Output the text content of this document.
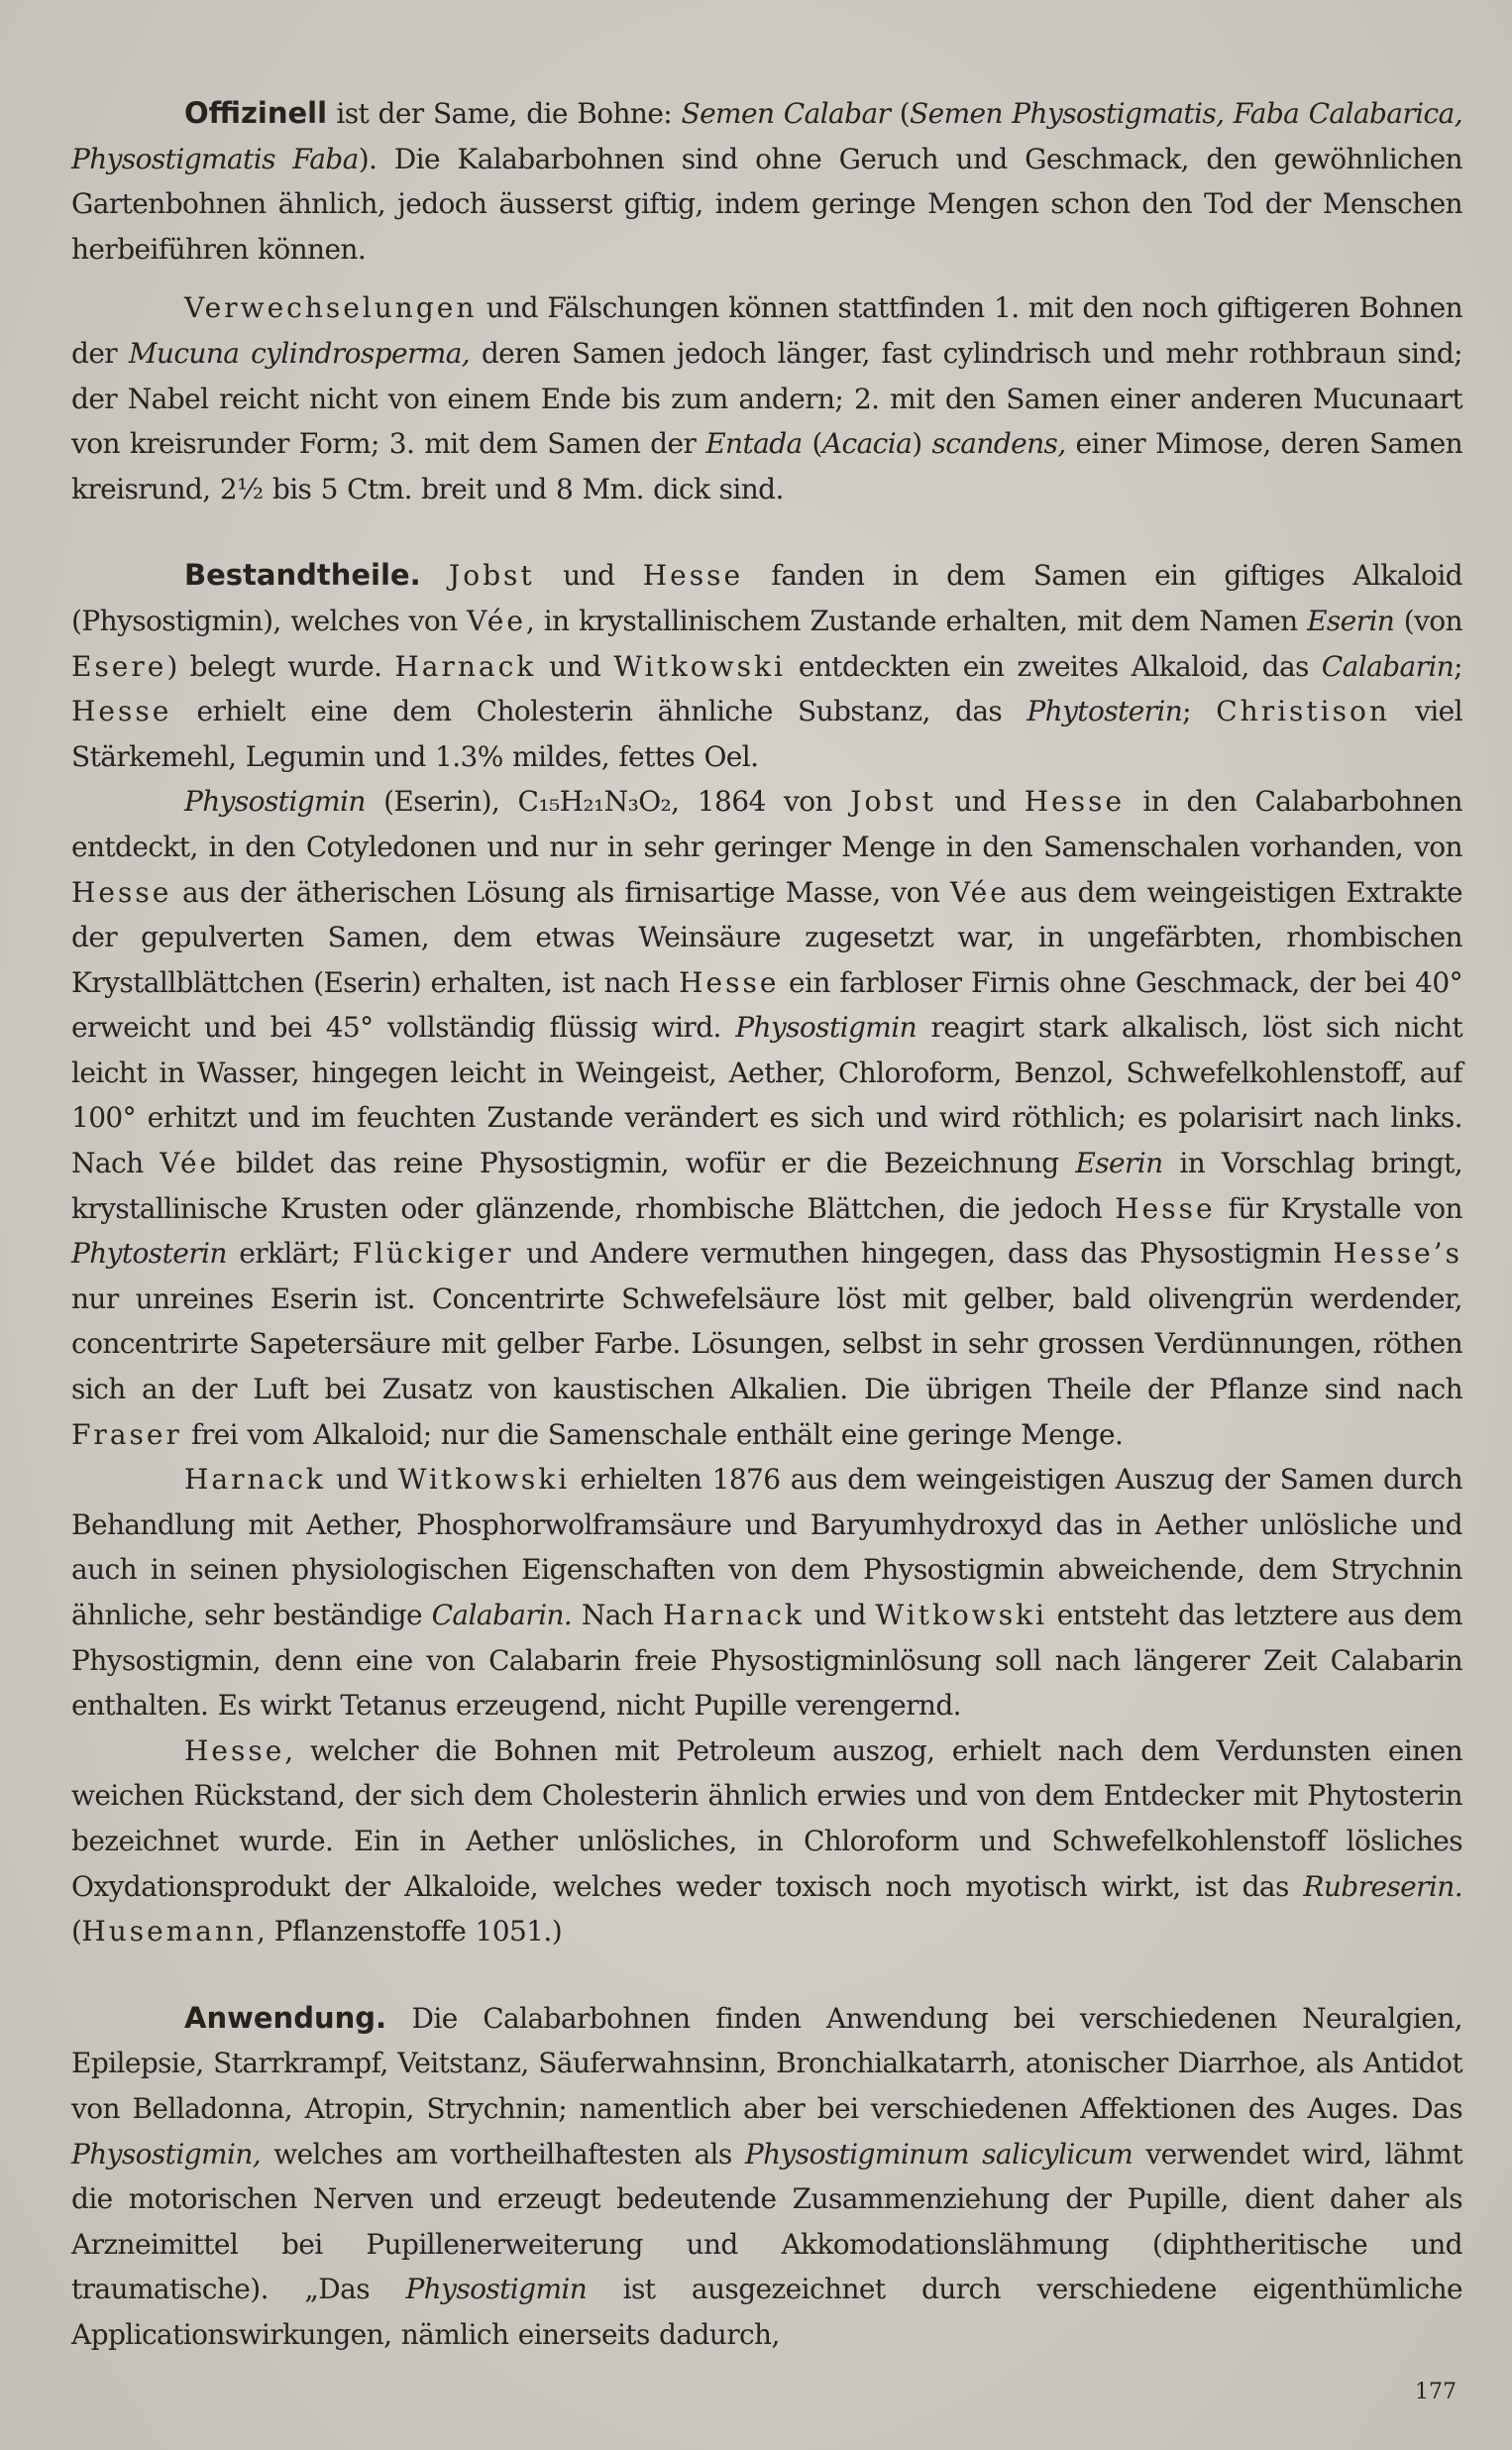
Offizinell ist der Same, die Bohne: Semen Calabar (Semen Physostigmatis, Faba Calabarica, Physostigmatis Faba). Die Kalabarbohnen sind ohne Geruch und Geschmack, den gewöhnlichen Gartenbohnen ähnlich, jedoch äusserst giftig, indem geringe Mengen schon den Tod der Menschen herbeiführen können.

Verwechselungen und Fälschungen können stattfinden 1. mit den noch giftigeren Bohnen der Mucuna cylindrosperma, deren Samen jedoch länger, fast cylindrisch und mehr rothbraun sind; der Nabel reicht nicht von einem Ende bis zum andern; 2. mit den Samen einer anderen Mucunaart von kreisrunder Form; 3. mit dem Samen der Entada (Acacia) scandens, einer Mimose, deren Samen kreisrund, 2½ bis 5 Ctm. breit und 8 Mm. dick sind.

Bestandtheile. Jobst und Hesse fanden in dem Samen ein giftiges Alkaloid (Physostigmin), welches von Vée, in krystallinischem Zustande erhalten, mit dem Namen Eserin (von Esere) belegt wurde. Harnack und Witkowski entdeckten ein zweites Alkaloid, das Calabarin; Hesse erhielt eine dem Cholesterin ähnliche Substanz, das Phytosterin; Christison viel Stärkemehl, Legumin und 1.3% mildes, fettes Oel.

Physostigmin (Eserin), C₁₅H₂₁N₃O₂, 1864 von Jobst und Hesse in den Calabarbohnen entdeckt, in den Cotyledonen und nur in sehr geringer Menge in den Samenschalen vorhanden, von Hesse aus der ätherischen Lösung als firnisartige Masse, von Vée aus dem weingeistigen Extrakte der gepulverten Samen, dem etwas Weinsäure zugesetzt war, in ungefärbten, rhombischen Krystallblättchen (Eserin) erhalten, ist nach Hesse ein farbloser Firnis ohne Geschmack, der bei 40° erweicht und bei 45° vollständig flüssig wird. Physostigmin reagirt stark alkalisch, löst sich nicht leicht in Wasser, hingegen leicht in Weingeist, Aether, Chloroform, Benzol, Schwefelkohlenstoff, auf 100° erhitzt und im feuchten Zustande verändert es sich und wird röthlich; es polarisirt nach links. Nach Vée bildet das reine Physostigmin, wofür er die Bezeichnung Eserin in Vorschlag bringt, krystallinische Krusten oder glänzende, rhombische Blättchen, die jedoch Hesse für Krystalle von Phytosterin erklärt; Flückiger und Andere vermuthen hingegen, dass das Physostigmin Hesse’s nur unreines Eserin ist. Concentrirte Schwefelsäure löst mit gelber, bald olivengrün werdender, concentrirte Sapetersäure mit gelber Farbe. Lösungen, selbst in sehr grossen Verdünnungen, röthen sich an der Luft bei Zusatz von kaustischen Alkalien. Die übrigen Theile der Pflanze sind nach Fraser frei vom Alkaloid; nur die Samenschale enthält eine geringe Menge.

Harnack und Witkowski erhielten 1876 aus dem weingeistigen Auszug der Samen durch Behandlung mit Aether, Phosphorwolframsäure und Baryumhydroxyd das in Aether unlösliche und auch in seinen physiologischen Eigenschaften von dem Physostigmin abweichende, dem Strychnin ähnliche, sehr beständige Calabarin. Nach Harnack und Witkowski entsteht das letztere aus dem Physostigmin, denn eine von Calabarin freie Physostigminlösung soll nach längerer Zeit Calabarin enthalten. Es wirkt Tetanus erzeugend, nicht Pupille verengernd.

Hesse, welcher die Bohnen mit Petroleum auszog, erhielt nach dem Verdunsten einen weichen Rückstand, der sich dem Cholesterin ähnlich erwies und von dem Entdecker mit Phytosterin bezeichnet wurde. Ein in Aether unlösliches, in Chloroform und Schwefelkohlenstoff lösliches Oxydationsprodukt der Alkaloide, welches weder toxisch noch myotisch wirkt, ist das Rubreserin. (Husemann, Pflanzenstoffe 1051.)

Anwendung. Die Calabarbohnen finden Anwendung bei verschiedenen Neuralgien, Epilepsie, Starrkrampf, Veitstanz, Säuferwahnsinn, Bronchialkatarrh, atonischer Diarrhoe, als Antidot von Belladonna, Atropin, Strychnin; namentlich aber bei verschiedenen Affektionen des Auges. Das Physostigmin, welches am vortheilhaftesten als Physostigminum salicylicum verwendet wird, lähmt die motorischen Nerven und erzeugt bedeutende Zusammenziehung der Pupille, dient daher als Arzneimittel bei Pupillenerweiterung und Akkomodationslähmung (diphtheritische und traumatische). „Das Physostigmin ist ausgezeichnet durch verschiedene eigenthümliche Applicationswirkungen, nämlich einerseits dadurch,

177
